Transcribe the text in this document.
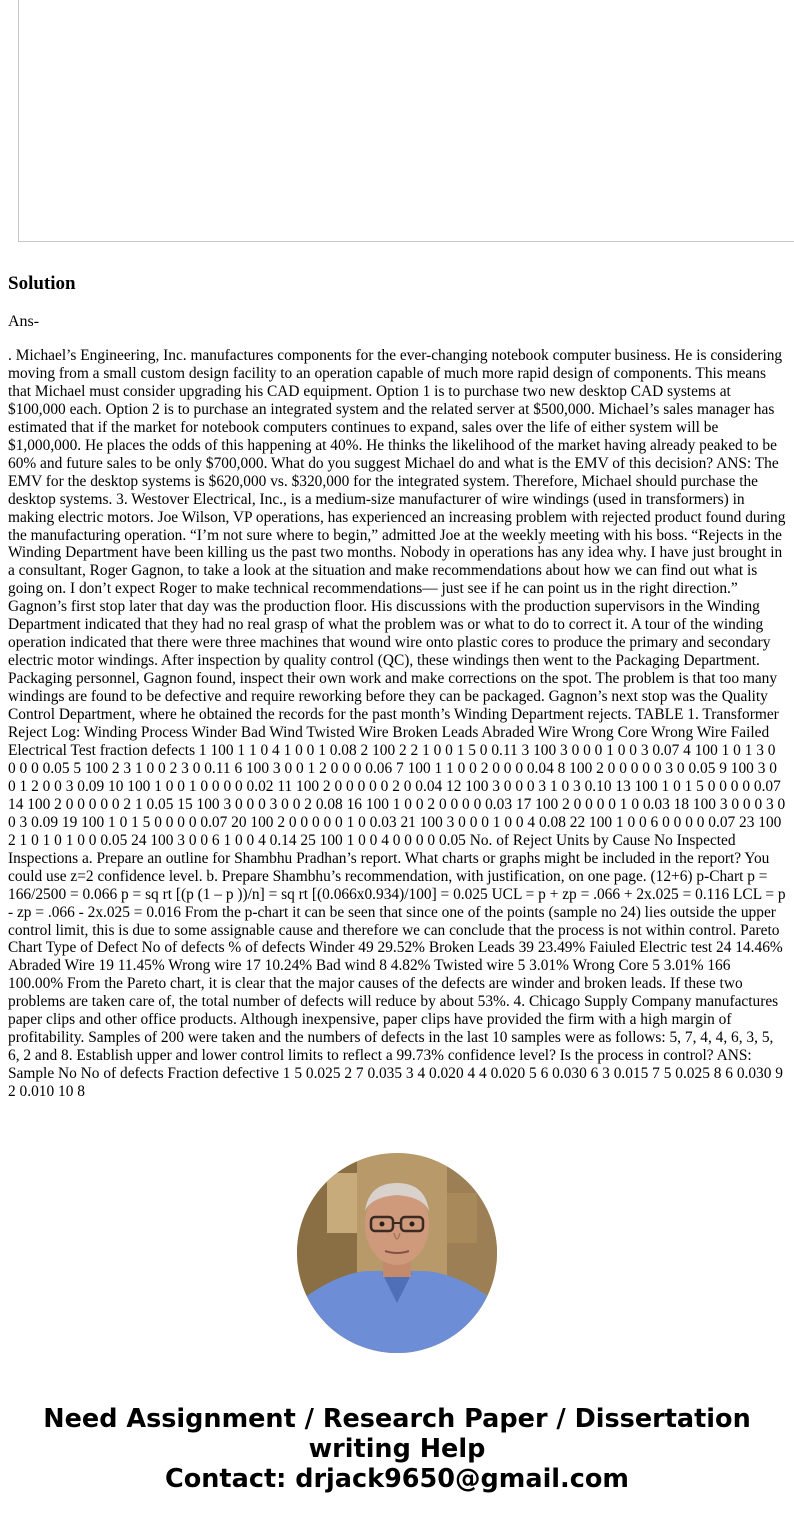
Solution

Ans-

. Michael’s Engineering, Inc. manufactures components for the ever-changing notebook computer business. He is considering moving from a small custom design facility to an operation capable of much more rapid design of components. This means that Michael must consider upgrading his CAD equipment. Option 1 is to purchase two new desktop CAD systems at $100,000 each. Option 2 is to purchase an integrated system and the related server at $500,000. Michael’s sales manager has estimated that if the market for notebook computers continues to expand, sales over the life of either system will be $1,000,000. He places the odds of this happening at 40%. He thinks the likelihood of the market having already peaked to be 60% and future sales to be only $700,000. What do you suggest Michael do and what is the EMV of this decision? ANS: The EMV for the desktop systems is $620,000 vs. $320,000 for the integrated system. Therefore, Michael should purchase the desktop systems. 3. Westover Electrical, Inc., is a medium-size manufacturer of wire windings (used in transformers) in making electric motors. Joe Wilson, VP operations, has experienced an increasing problem with rejected product found during the manufacturing operation. “I’m not sure where to begin,” admitted Joe at the weekly meeting with his boss. “Rejects in the Winding Department have been killing us the past two months. Nobody in operations has any idea why. I have just brought in a consultant, Roger Gagnon, to take a look at the situation and make recommendations about how we can find out what is going on. I don’t expect Roger to make technical recommendations— just see if he can point us in the right direction.” Gagnon’s first stop later that day was the production floor. His discussions with the production supervisors in the Winding Department indicated that they had no real grasp of what the problem was or what to do to correct it. A tour of the winding operation indicated that there were three machines that wound wire onto plastic cores to produce the primary and secondary electric motor windings. After inspection by quality control (QC), these windings then went to the Packaging Department. Packaging personnel, Gagnon found, inspect their own work and make corrections on the spot. The problem is that too many windings are found to be defective and require reworking before they can be packaged. Gagnon’s next stop was the Quality Control Department, where he obtained the records for the past month’s Winding Department rejects. TABLE 1. Transformer Reject Log: Winding Process Winder Bad Wind Twisted Wire Broken Leads Abraded Wire Wrong Core Wrong Wire Failed Electrical Test fraction defects 1 100 1 1 0 4 1 0 0 1 0.08 2 100 2 2 1 0 0 1 5 0 0.11 3 100 3 0 0 0 1 0 0 3 0.07 4 100 1 0 1 3 0 0 0 0 0.05 5 100 2 3 1 0 0 2 3 0 0.11 6 100 3 0 0 1 2 0 0 0 0.06 7 100 1 1 0 0 2 0 0 0 0.04 8 100 2 0 0 0 0 0 3 0 0.05 9 100 3 0 0 1 2 0 0 3 0.09 10 100 1 0 0 1 0 0 0 0 0.02 11 100 2 0 0 0 0 0 2 0 0.04 12 100 3 0 0 0 3 1 0 3 0.10 13 100 1 0 1 5 0 0 0 0 0.07 14 100 2 0 0 0 0 0 2 1 0.05 15 100 3 0 0 0 3 0 0 2 0.08 16 100 1 0 0 2 0 0 0 0 0.03 17 100 2 0 0 0 0 1 0 0.03 18 100 3 0 0 0 3 0 0 3 0.09 19 100 1 0 1 5 0 0 0 0 0.07 20 100 2 0 0 0 0 0 1 0 0.03 21 100 3 0 0 0 1 0 0 4 0.08 22 100 1 0 0 6 0 0 0 0 0.07 23 100 2 1 0 1 0 1 0 0 0.05 24 100 3 0 0 6 1 0 0 4 0.14 25 100 1 0 0 4 0 0 0 0 0.05 No. of Reject Units by Cause No Inspected Inspections a. Prepare an outline for Shambhu Pradhan’s report. What charts or graphs might be included in the report? You could use z=2 confidence level. b. Prepare Shambhu’s recommendation, with justification, on one page. (12+6) p-Chart p = 166/2500 = 0.066 p = sq rt [(p (1 – p ))/n] = sq rt [(0.066x0.934)/100] = 0.025 UCL = p + zp = .066 + 2x.025 = 0.116 LCL = p - zp = .066 - 2x.025 = 0.016 From the p-chart it can be seen that since one of the points (sample no 24) lies outside the upper control limit, this is due to some assignable cause and therefore we can conclude that the process is not within control. Pareto Chart Type of Defect No of defects % of defects Winder 49 29.52% Broken Leads 39 23.49% Faiuled Electric test 24 14.46% Abraded Wire 19 11.45% Wrong wire 17 10.24% Bad wind 8 4.82% Twisted wire 5 3.01% Wrong Core 5 3.01% 166 100.00% From the Pareto chart, it is clear that the major causes of the defects are winder and broken leads. If these two problems are taken care of, the total number of defects will reduce by about 53%. 4. Chicago Supply Company manufactures paper clips and other office products. Although inexpensive, paper clips have provided the firm with a high margin of profitability. Samples of 200 were taken and the numbers of defects in the last 10 samples were as follows: 5, 7, 4, 4, 6, 3, 5, 6, 2 and 8. Establish upper and lower control limits to reflect a 99.73% confidence level? Is the process in control? ANS: Sample No No of defects Fraction defective 1 5 0.025 2 7 0.035 3 4 0.020 4 4 0.020 5 6 0.030 6 3 0.015 7 5 0.025 8 6 0.030 9 2 0.010 10 8

Need Assignment / Research Paper / Dissertation
writing Help
Contact: drjack9650@gmail.com
